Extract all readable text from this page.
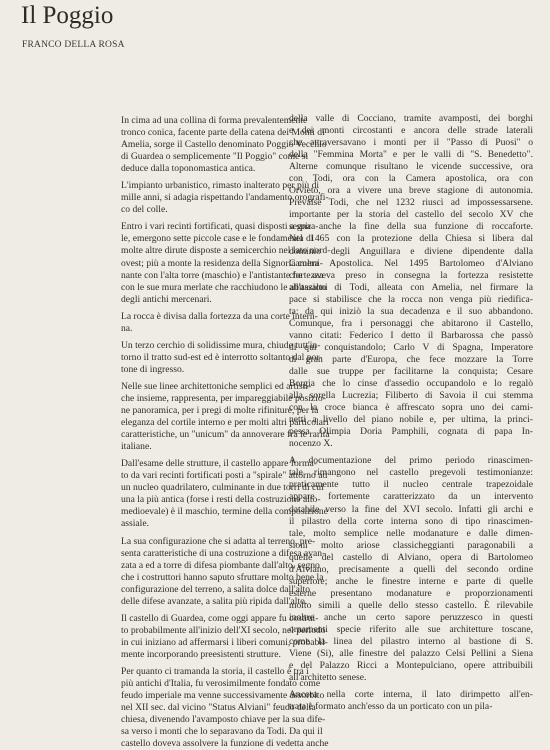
Il Poggio
FRANCO DELLA ROSA

In cima ad una collina di forma prevalentemente
tronco conica, facente parte della catena dei Monti di
Amelia, sorge il Castello denominato Poggio Vecchio
di Guardea o semplicemente "Il Poggio" come si
deduce dalla toponomastica antica.

L'impianto urbanistico, rimasto inalterato per più di
mille anni, si adagia rispettando l'andamento orografi-
co del colle.

Entro i vari recinti fortificati, quasi disposti a spira-
le, emergono sette piccole case e le fondamenta di
molte altre dirute disposte a semicerchio nel lato nord-
ovest; più a monte la residenza della Signoria culmi-
nante con l'alta torre (maschio) e l'antistante fortezza
con le sue mura merlate che racchiudono le abitazioni
degli antichi mercenari.

La rocca è divisa dalla fortezza da una corte intern-
na.

Un terzo cerchio di solidissime mura, chiude tutt'in-
torno il tratto sud-est ed è interrotto soltanto dal por-
tone di ingresso.

Nelle sue linee architettoniche semplici ed artisti-
che insieme, rappresenta, per impareggiabile posizio-
ne panoramica, per i pregi di molte rifiniture, per la
eleganza del cortile interno e per molti altri particolari
caratteristiche, un "unicum" da annoverare fra le rarità
italiane.

Dall'esame delle strutture, il castello appare forma-
to da vari recinti fortificati posti a "spirale" attorno ad
un nucleo quadrilatero, culminante in due torri di cui
una la più antica (forse i resti della costruzione alto-
medioevale) è il maschio, termine della composizione
assiale.

La sua configurazione che si adatta al terreno, pre-
senta caratteristiche di una costruzione a difesa avan-
zata a ed a torre di difesa piombante dall'alto, segno
che i costruttori hanno saputo sfruttare molto bene la
configurazione del terreno, a salita dolce dall'alto
delle difese avanzate, a salita più ripida dall'alto.

Il castello di Guardea, come oggi appare fu costrui-
to probabilmente all'inizio dell'XI secolo, nel periodo
in cui iniziano ad affermarsi i liberi comuni, probabil-
mente incorporando preesistenti strutture.

Per quanto ci tramanda la storia, il castello è tra i
più antichi d'Italia, fu verosimilmente fondato come
feudo imperiale ma venne successivamente assorbito
nel XII sec. dal vicino "Status Alviani" feudo della
chiesa, divenendo l'avamposto chiave per la sua dife-
sa verso i monti che lo separavano da Todi. Da qui il
castello doveva assolvere la funzione di vedetta anche

della valle di Cocciano, tramite avamposti, dei borghi
e dei monti circostanti e ancora delle strade laterali
che attraversavano i monti per il "Passo di Puosi" o
della "Femmina Morta" e per le valli di "S. Benedetto".
Alterne comunque risultano le vicende successive, ora
con Todi, ora con la Camera apostolica, ora con
Orvieto, ora a vivere una breve stagione di autonomia.
Prevalse Todi, che nel 1232 riuscì ad impossessarsene.
importante per la storia del castello del secolo XV che
segna anche la fine della sua funzione di roccaforte.
Nel 1465 con la protezione della Chiesa si libera dal
dominio degli Anguillara e diviene dipendente dalla
Camera Apostolica. Nel 1495 Bartolomeo d'Alviano
che aveva preso in consegna la fortezza resistette
all'assalto di Todi, alleata con Amelia, nel firmare la
pace si stabilisce che la rocca non venga più riedifica-
ta: da qui iniziò la sua decadenza e il suo abbandono.
Comunque, fra i personaggi che abitarono il Castello,
vanno citati: Federico I detto il Barbarossa che passò
di qui conquistandolo; Carlo V di Spagna, Imperatore
di gran parte d'Europa, che fece mozzare la Torre
dalle sue truppe per facilitarne la conquista; Cesare
Borgia che lo cinse d'assedio occupandolo e lo regalò
alla sorella Lucrezia; Filiberto di Savoia il cui stemma
con la croce bianca è affrescato sopra uno dei cami-
netti a livello del piano nobile e, per ultima, la princi-
pessa Olimpia Doria Pamphili, cognata di papa In-
nocenzo X.

A documentazione del primo periodo rinascimen-
tale rimangono nel castello pregevoli testimonianze:
praticamente tutto il nucleo centrale trapezoidale
appare fortemente caratterizzato da un intervento
databile verso la fine del XVI secolo. Infatti gli archi e
il pilastro della corte interna sono di tipo rinascimen-
tale, molto semplice nelle modanature e dalle dimen-
sioni molto ariose classicheggianti paragonabili a
quelle del castello di Alviano, opera di Bartolomeo
d'Alviano, precisamente a quelli del secondo ordine
superiore; anche le finestre interne e parte di quelle
esterne presentano modanature e proporzionamenti
molto simili a quelle dello stesso castello. È rilevabile
inoltre anche un certo sapore peruzzesco in questi
ornamenti specie riferito alle sue architetture toscane,
come la linea del pilastro interno al bastione di S.
Viene (Si), alle finestre del palazzo Celsi Pellini a Siena
e del Palazzo Ricci a Montepulciano, opere attribuibili
all'architetto senese.

Ancora nella corte interna, il lato dirimpetto all'en-
trata è formato anch'esso da un porticato con un pila-
